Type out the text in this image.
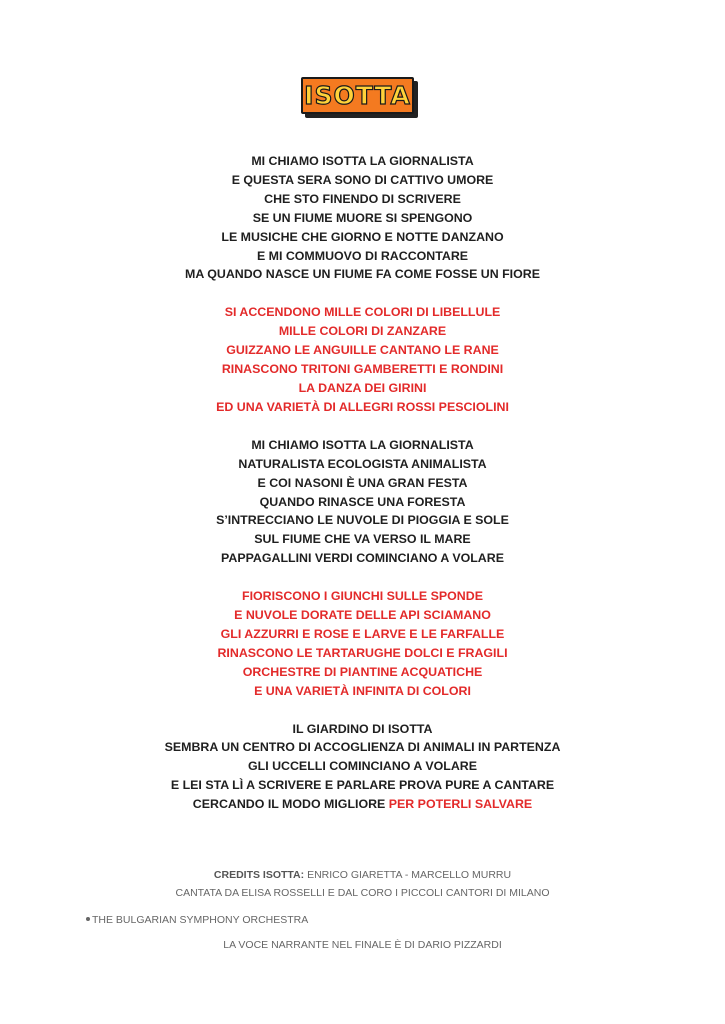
ISOTTA
MI CHIAMO ISOTTA LA GIORNALISTA
E QUESTA SERA SONO DI CATTIVO UMORE
CHE STO FINENDO DI SCRIVERE
SE UN FIUME MUORE SI SPENGONO
LE MUSICHE CHE GIORNO E NOTTE DANZANO
E MI COMMUOVO DI RACCONTARE
MA QUANDO NASCE UN FIUME FA COME FOSSE UN FIORE
SI ACCENDONO MILLE COLORI DI LIBELLULE
MILLE COLORI DI ZANZARE
GUIZZANO LE ANGUILLE CANTANO LE RANE
RINASCONO TRITONI GAMBERETTI E RONDINI
LA DANZA DEI GIRINI
ED UNA VARIETÀ DI ALLEGRI ROSSI PESCIOLINI
MI CHIAMO ISOTTA LA GIORNALISTA
NATURALISTA ECOLOGISTA ANIMALISTA
E COI NASONI È UNA GRAN FESTA
QUANDO RINASCE UNA FORESTA
S’INTRECCIANO LE NUVOLE DI PIOGGIA E SOLE
SUL FIUME CHE VA VERSO IL MARE
PAPPAGALLINI VERDI COMINCIANO A VOLARE
FIORISCONO I GIUNCHI SULLE SPONDE
E NUVOLE DORATE DELLE API SCIAMANO
GLI AZZURRI E ROSE E LARVE E LE FARFALLE
RINASCONO LE TARTARUGHE DOLCI E FRAGILI
ORCHESTRE DI PIANTINE ACQUATICHE
E UNA VARIETÀ INFINITA DI COLORI
IL GIARDINO DI ISOTTA
SEMBRA UN CENTRO DI ACCOGLIENZA DI ANIMALI IN PARTENZA
GLI UCCELLI COMINCIANO A VOLARE
E LEI STA LÌ A SCRIVERE E PARLARE PROVA PURE A CANTARE
CERCANDO IL MODO MIGLIORE PER POTERLI SALVARE
CREDITS ISOTTA: ENRICO GIARETTA - MARCELLO MURRU
CANTATA DA ELISA ROSSELLI E DAL CORO I PICCOLI CANTORI DI MILANO
THE BULGARIAN SYMPHONY ORCHESTRA
LA VOCE NARRANTE NEL FINALE È DI DARIO PIZZARDI
